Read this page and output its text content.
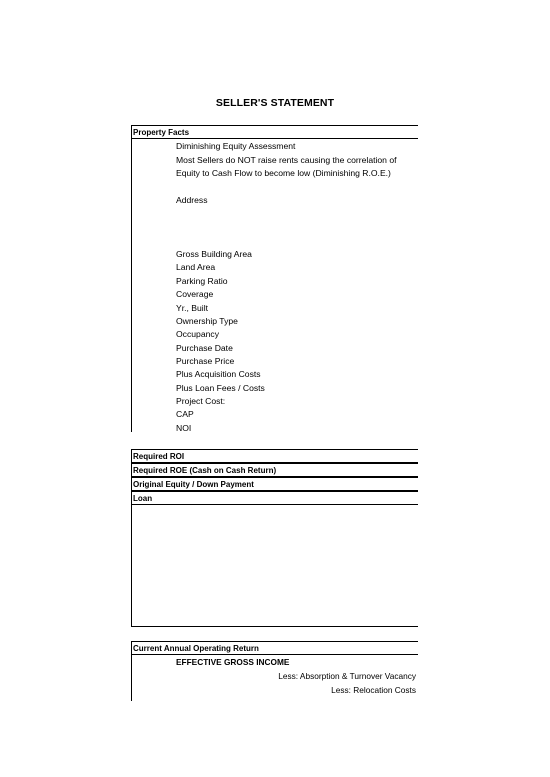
SELLER'S STATEMENT
Property Facts
Diminishing Equity Assessment
Most Sellers do NOT raise rents causing the correlation of
Equity to Cash Flow to become low (Diminishing R.O.E.)
Address
Gross Building Area
Land Area
Parking Ratio
Coverage
Yr., Built
Ownership Type
Occupancy
Purchase Date
Purchase Price
Plus Acquisition Costs
Plus Loan Fees / Costs
Project Cost:
CAP
NOI
Required ROI
Required ROE (Cash on Cash Return)
Original Equity / Down Payment
Loan
Current Annual Operating Return
EFFECTIVE GROSS INCOME
Less: Absorption & Turnover Vacancy
Less: Relocation Costs
